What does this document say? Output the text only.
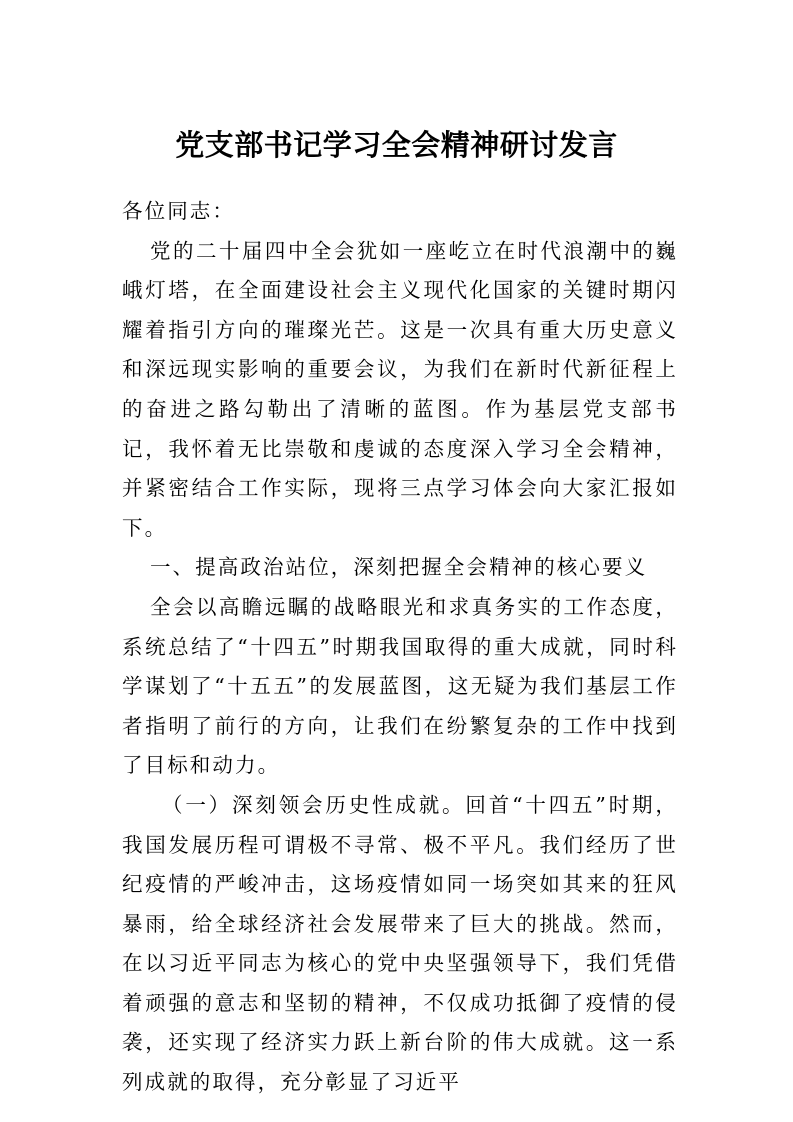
党支部书记学习全会精神研讨发言

各位同志：

党的二十届四中全会犹如一座屹立在时代浪潮中的巍峨灯塔，在全面建设社会主义现代化国家的关键时期闪耀着指引方向的璀璨光芒。这是一次具有重大历史意义和深远现实影响的重要会议，为我们在新时代新征程上的奋进之路勾勒出了清晰的蓝图。作为基层党支部书记，我怀着无比崇敬和虔诚的态度深入学习全会精神，并紧密结合工作实际，现将三点学习体会向大家汇报如下。

一、提高政治站位，深刻把握全会精神的核心要义

全会以高瞻远瞩的战略眼光和求真务实的工作态度，系统总结了“十四五”时期我国取得的重大成就，同时科学谋划了“十五五”的发展蓝图，这无疑为我们基层工作者指明了前行的方向，让我们在纷繁复杂的工作中找到了目标和动力。

（一）深刻领会历史性成就。回首“十四五”时期，我国发展历程可谓极不寻常、极不平凡。我们经历了世纪疫情的严峻冲击，这场疫情如同一场突如其来的狂风暴雨，给全球经济社会发展带来了巨大的挑战。然而，在以习近平同志为核心的党中央坚强领导下，我们凭借着顽强的意志和坚韧的精神，不仅成功抵御了疫情的侵袭，还实现了经济实力跃上新台阶的伟大成就。这一系列成就的取得，充分彰显了习近平
